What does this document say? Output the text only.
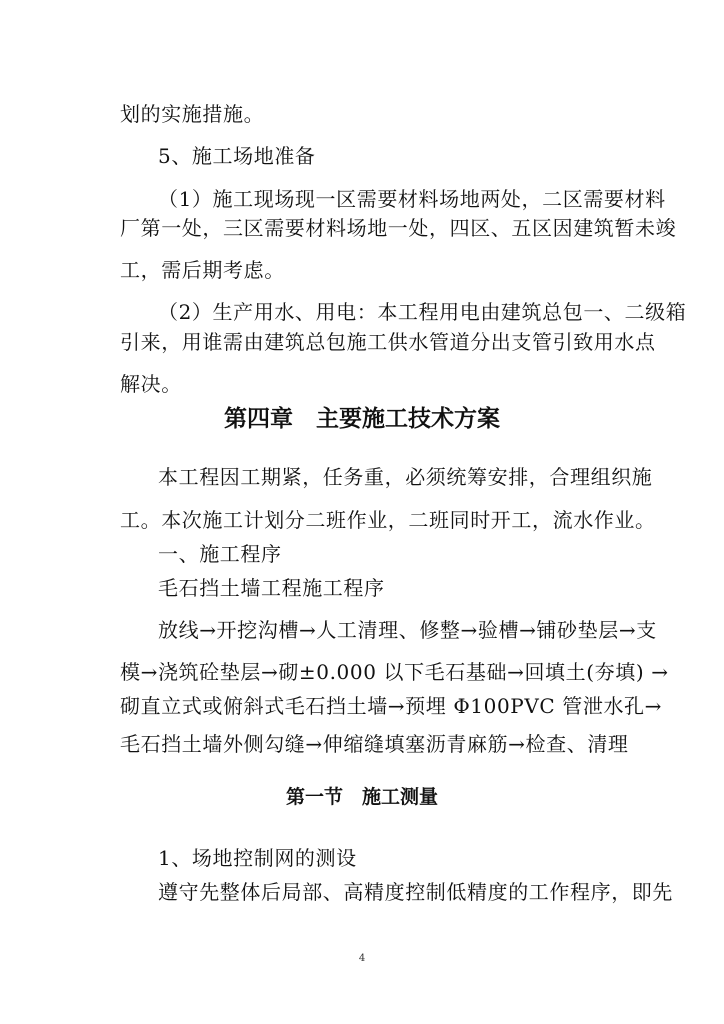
划的实施措施。
5、施工场地准备
（1）施工现场现一区需要材料场地两处，二区需要材料
厂第一处，三区需要材料场地一处，四区、五区因建筑暂未竣
工，需后期考虑。
（2）生产用水、用电：本工程用电由建筑总包一、二级箱
引来，用谁需由建筑总包施工供水管道分出支管引致用水点
解决。
第四章　主要施工技术方案
本工程因工期紧，任务重，必须统筹安排，合理组织施
工。本次施工计划分二班作业，二班同时开工，流水作业。
一、施工程序
毛石挡土墙工程施工程序
放线→开挖沟槽→人工清理、修整→验槽→铺砂垫层→支
模→浇筑砼垫层→砌±0.000 以下毛石基础→回填土(夯填) →
砌直立式或俯斜式毛石挡土墙→预埋 Φ100PVC 管泄水孔→
毛石挡土墙外侧勾缝→伸缩缝填塞沥青麻筋→检查、清理
第一节　施工测量
1、场地控制网的测设
遵守先整体后局部、高精度控制低精度的工作程序，即先
4
